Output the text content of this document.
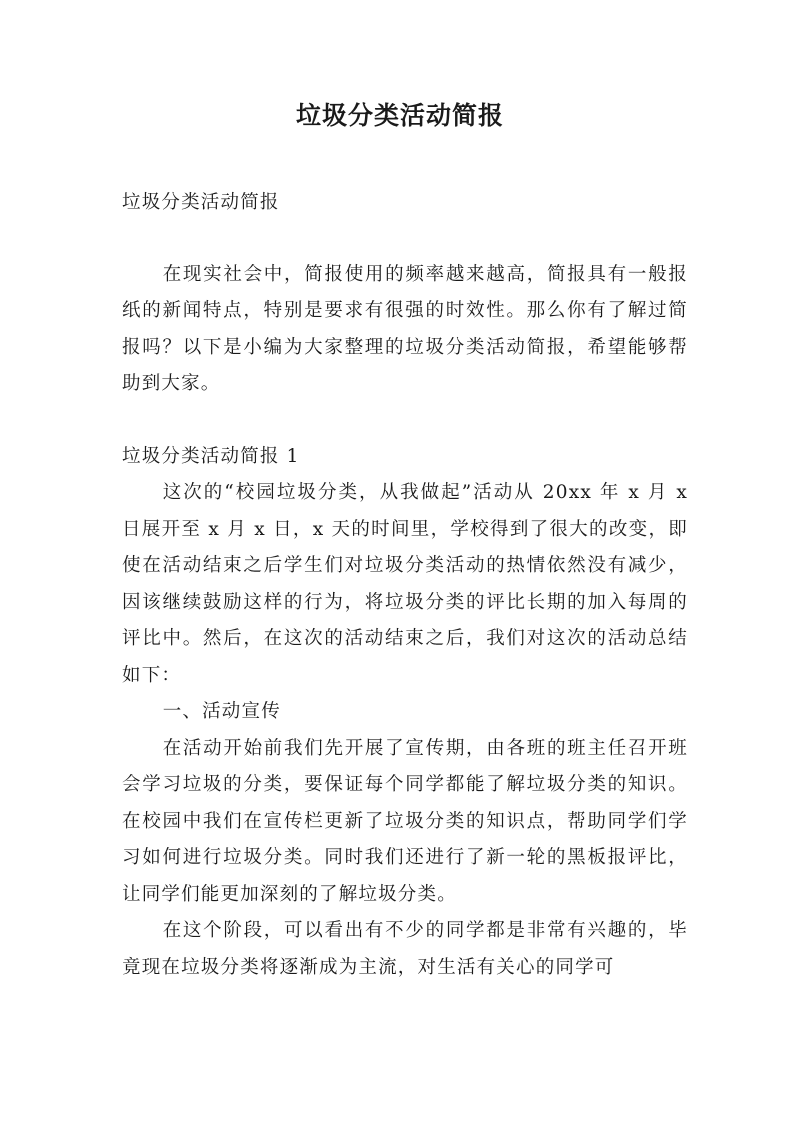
垃圾分类活动简报

垃圾分类活动简报

在现实社会中，简报使用的频率越来越高，简报具有一般报纸的新闻特点，特别是要求有很强的时效性。那么你有了解过简报吗？以下是小编为大家整理的垃圾分类活动简报，希望能够帮助到大家。

垃圾分类活动简报 1

这次的“校园垃圾分类，从我做起”活动从 20xx 年 x 月 x 日展开至 x 月 x 日，x 天的时间里，学校得到了很大的改变，即使在活动结束之后学生们对垃圾分类活动的热情依然没有减少，因该继续鼓励这样的行为，将垃圾分类的评比长期的加入每周的评比中。然后，在这次的活动结束之后，我们对这次的活动总结如下：

一、活动宣传

在活动开始前我们先开展了宣传期，由各班的班主任召开班会学习垃圾的分类，要保证每个同学都能了解垃圾分类的知识。在校园中我们在宣传栏更新了垃圾分类的知识点，帮助同学们学习如何进行垃圾分类。同时我们还进行了新一轮的黑板报评比，让同学们能更加深刻的了解垃圾分类。

在这个阶段，可以看出有不少的同学都是非常有兴趣的，毕竟现在垃圾分类将逐渐成为主流，对生活有关心的同学可
